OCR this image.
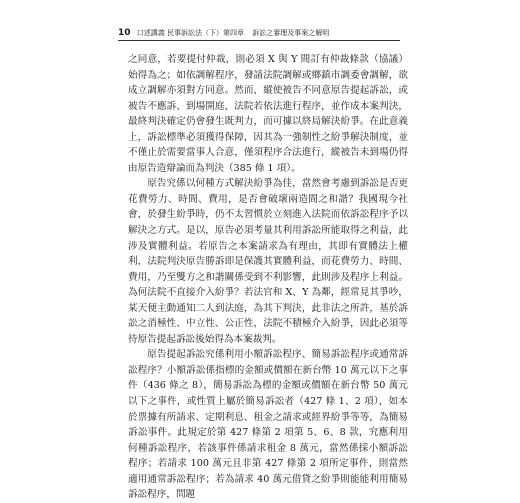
10 口述講義 民事訴訟法（下）第四章 訴訟之審理及事案之解明

之同意，若要提付仲裁，則必須 X 與 Y 間訂有仲裁條款（協議）始得為之；如依調解程序，發請法院調解或鄉鎮市調委會調解，欲成立調解亦須對方同意。然而，縱使被告不同意原告提起訴訟，或被告不應訴、到場開庭，法院若依法進行程序，並作成本案判決，最終判決確定仍會發生既判力，而可據以終局解決紛爭。在此意義上，訴訟標準必須獲得保障，因其為一強制性之紛爭解決制度，並不僅止於需要當事人合意，僅須程序合法進行，縱被告未到場仍得由原告造辯論而為判決（385 條 1 項）。

原告究係以何種方式解決紛爭為佳，當然會考慮到訴訟是否更花費勞力、時間、費用，是否會破壞兩造間之和諧？我國現今社會，於發生紛爭時，仍不太習慣於立刻進入法院而依訴訟程序予以解決之方式。是以，原告必須考量其利用訴訟所能取得之利益，此涉及實體利益。若原告之本案請求為有理由，其即有實體法上權利，法院判決原告勝訴即是保護其實體利益，而花費勞力、時間、費用，乃至雙方之和諧關係受到不利影響，此則涉及程序上利益。為何法院不直接介入紛爭？若法官和 X、Y 為鄰，經常見其爭吵，某天便主動通知二人到法庭，為其下判決，此非法之所許，基於訴訟之消極性、中立性、公正性，法院不積極介入紛爭，因此必須等待原告提起訴訟後始得為本案裁判。

原告提起訴訟究係利用小額訴訟程序、簡易訴訟程序或通常訴訟程序？小額訴訟係指標的金額或價額在新台幣 10 萬元以下之事件（436 條之 8），簡易訴訟為標的金額或價額在新台幣 50 萬元以下之事件，或性質上屬於簡易訴訟者（427 條 1、2 項），如本於票據有所請求、定期利息、租金之請求或經界紛爭等等，為簡易訴訟事件。此規定於第 427 條第 2 項第 5、6、8 款，究應利用何種訴訟程序，若該事件係請求租金 8 萬元，當然係採小額訴訟程序；若請求 100 萬元且非第 427 條第 2 項所定事件，則當然適用通常訴訟程序；若為請求 40 萬元借貸之紛爭則能能利用簡易訴訟程序，問題
